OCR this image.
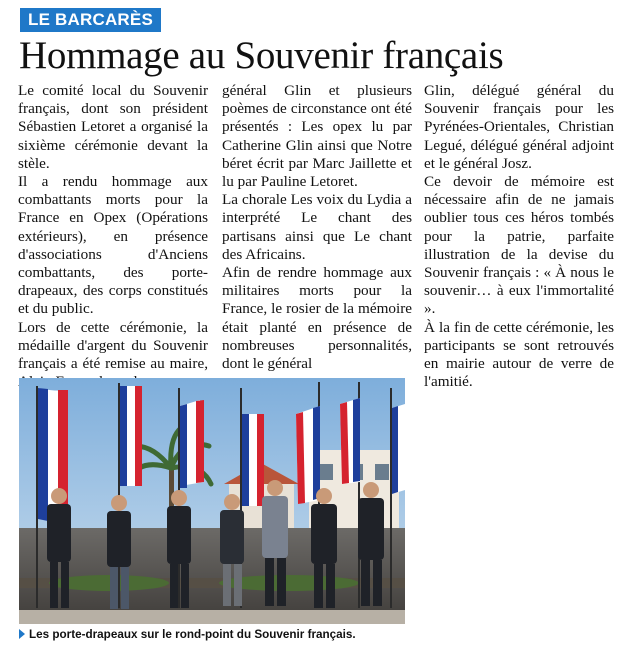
LE BARCARÈS
Hommage au Souvenir français

Le comité local du Souvenir français, dont son président Sébastien Letoret a organisé la sixième cérémonie devant la stèle.

Il a rendu hommage aux combattants morts pour la France en Opex (Opérations extérieurs), en présence d'associations d'Anciens combattants, des porte-drapeaux, des corps constitués et du public.

Lors de cette cérémonie, la médaille d'argent du Souvenir français a été remise au maire,

général Glin et plusieurs poèmes de circonstance ont été présentés : Les opex lu par Catherine Glin ainsi que Notre béret écrit par Marc Jaillette et lu par Pauline Letoret.

La chorale Les voix du Lydia a interprété Le chant des partisans ainsi que Le chant des Africains.

Afin de rendre hommage aux militaires morts pour la France, le rosier de la mémoire était planté en présence de nombreuses personnalités, dont le général

Glin, délégué général du Souvenir français pour les Pyrénées-Orientales, Christian Legué, délégué général adjoint et le général Josz.

Ce devoir de mémoire est nécessaire afin de ne jamais oublier tous ces héros tombés pour la patrie, parfaite illustration de la devise du Souvenir français : « À nous le souvenir… à eux l'immortalité ».

À la fin de cette cérémonie, les participants se sont retrouvés en mairie autour de verre de l'amitié.

Les porte-drapeaux sur le rond-point du Souvenir français.
